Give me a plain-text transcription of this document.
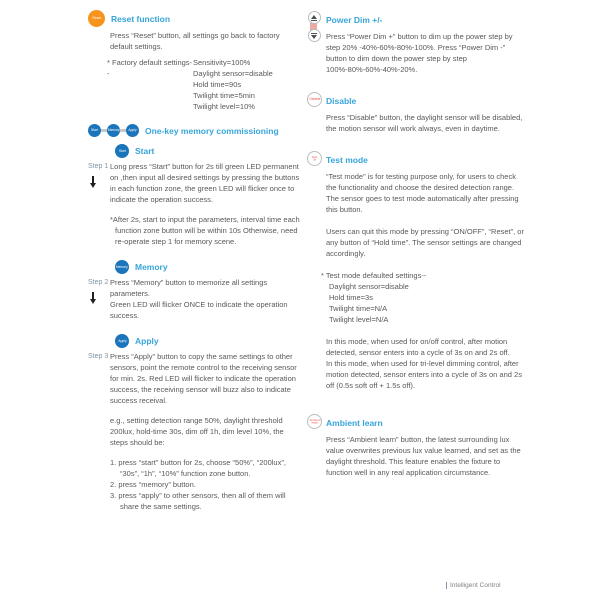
Reset Reset function

Press “Reset” button, all settings go back to factory default settings.

* Factory default settings--
Sensitivity=100%
Daylight sensor=disable
Hold time=90s
Twilight time=5min
Twilight level=10%
Start Memory Apply One-key memory commissioning
Start Start
Step 1 Long press “Start” button for 2s till green LED permanent on ,then input all desired settings by pressing the buttons in each function zone, the green LED will flicker once to indicate the operation success.

*After 2s, start to input the parameters, interval time each function zone button will be within 10s Otherwise, need re-operate step 1 for memory scene.

Memory Memory
Step 2 Press “Memory” button to memorize all settings parameters.

Green LED will flicker ONCE to indicate the operation success.

Apply Apply
Step 3 Press “Apply” button to copy the same settings to other sensors, point the remote control to the receiving sensor for min. 2s. Red LED will flicker to indicate the operation success, the receiving sensor will buzz also to indicate success receival.

e.g., setting detection range 50%, daylight threshold 200lux, hold-time 30s, dim off 1h, dim level 10%, the steps should be:

1. press “start” button for 2s, choose “50%”, “200lux”, “30s”, “1h”, “10%” function zone button.

2. press “memory” button.

3. press “apply” to other sensors, then all of them will share the same settings.

Power Dim +/-

Press “Power Dim +” button to dim up the power step by step 20% -40%-60%-80%-100%. Press “Power Dim -” button to dim down the power step by step 100%-80%-60%-40%-20%.

Disable Disable

Press “Disable” button, the daylight sensor will be disabled, the motion sensor will work always, even in daytime.

Test 3s Test mode

“Test mode” is for testing purpose only, for users to check the functionality and choose the desired detection range. The sensor goes to test mode automatically after pressing this button.

Users can quit this mode by pressing “ON/OFF”, “Reset”, or any button of “Hold time”. The sensor settings are changed accordingly.

* Test mode defaulted settings--

Daylight sensor=disable
Hold time=3s
Twilight time=N/A
Twilight level=N/A

In this mode, when used for on/off control, after motion detected, sensor enters into a cycle of 3s on and 2s off.

In this mode, when used for tri-level dimming control, after motion detected, sensor enters into a cycle of 3s on and 2s off (0.5s soft off + 1.5s off).

Ambient learn Ambient learn

Press “Ambient learn” button, the latest surrounding lux value overwrites previous lux value learned, and set as the daylight threshold. This feature enables the fixture to function well in any real application circumstance.

Intelligent Control
